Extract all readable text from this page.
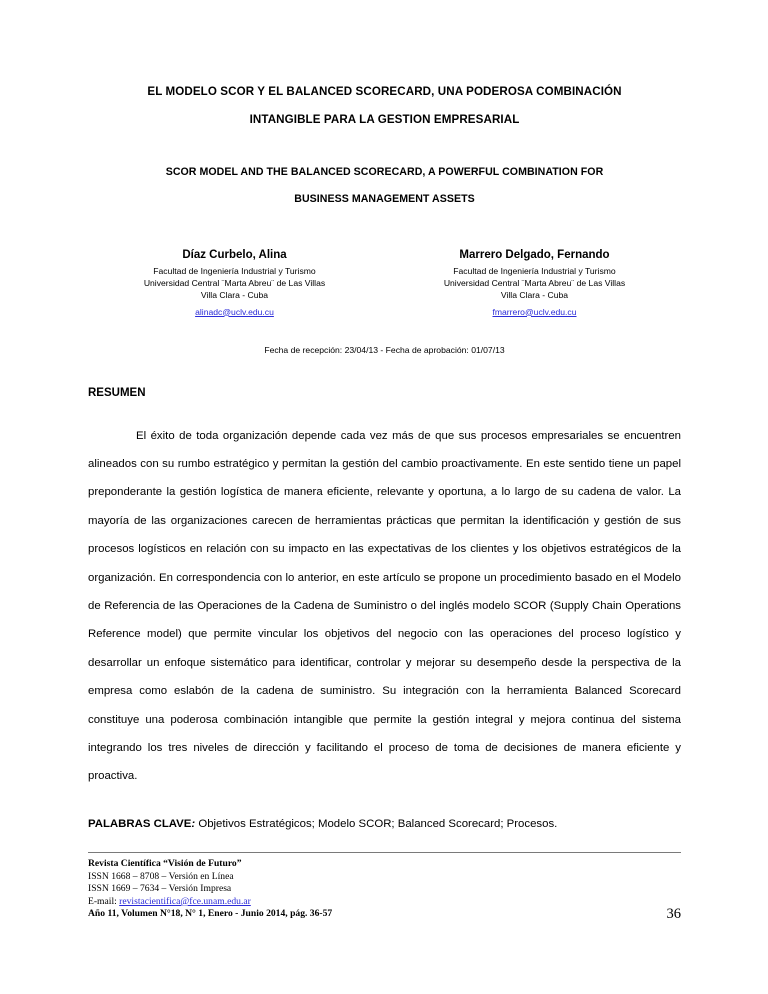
EL MODELO SCOR Y EL BALANCED SCORECARD, UNA PODEROSA COMBINACIÓN
INTANGIBLE PARA LA GESTION EMPRESARIAL
SCOR MODEL AND THE BALANCED SCORECARD, A POWERFUL COMBINATION FOR
BUSINESS MANAGEMENT ASSETS
Díaz Curbelo, Alina
Facultad de Ingeniería Industrial y Turismo
Universidad Central ¨Marta Abreu¨ de Las Villas
Villa Clara - Cuba
alinadc@uclv.edu.cu
Marrero Delgado, Fernando
Facultad de Ingeniería Industrial y Turismo
Universidad Central ¨Marta Abreu¨ de Las Villas
Villa Clara - Cuba
fmarrero@uclv.edu.cu
Fecha de recepción: 23/04/13 - Fecha de aprobación: 01/07/13
RESUMEN
El éxito de toda organización depende cada vez más de que sus procesos empresariales se encuentren alineados con su rumbo estratégico y permitan la gestión del cambio proactivamente. En este sentido tiene un papel preponderante la gestión logística de manera eficiente, relevante y oportuna, a lo largo de su cadena de valor. La mayoría de las organizaciones carecen de herramientas prácticas que permitan la identificación y gestión de sus procesos logísticos en relación con su impacto en las expectativas de los clientes y los objetivos estratégicos de la organización. En correspondencia con lo anterior, en este artículo se propone un procedimiento basado en el Modelo de Referencia de las Operaciones de la Cadena de Suministro o del inglés modelo SCOR (Supply Chain Operations Reference model) que permite vincular los objetivos del negocio con las operaciones del proceso logístico y desarrollar un enfoque sistemático para identificar, controlar y mejorar su desempeño desde la perspectiva de la empresa como eslabón de la cadena de suministro. Su integración con la herramienta Balanced Scorecard constituye una poderosa combinación intangible que permite la gestión integral y mejora continua del sistema integrando los tres niveles de dirección y facilitando el proceso de toma de decisiones de manera eficiente y proactiva.
PALABRAS CLAVE: Objetivos Estratégicos; Modelo SCOR; Balanced Scorecard; Procesos.
Revista Científica “Visión de Futuro”
ISSN 1668 – 8708 – Versión en Línea
ISSN 1669 – 7634 – Versión Impresa
E-mail: revistacientifica@fce.unam.edu.ar
Año 11, Volumen N°18, N° 1, Enero - Junio 2014, pág. 36-57	36
